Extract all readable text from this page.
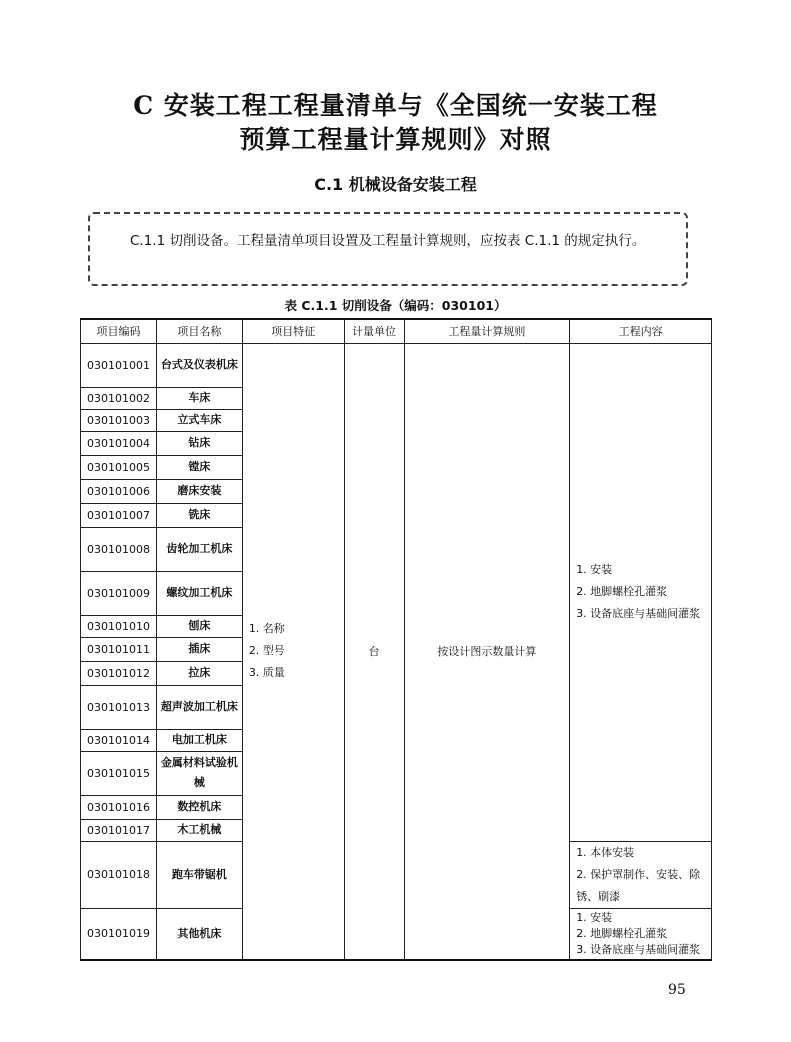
C 安装工程工程量清单与《全国统一安装工程
预算工程量计算规则》对照
C.1 机械设备安装工程
C.1.1 切削设备。工程量清单项目设置及工程量计算规则，应按表 C.1.1 的规定执行。
表 C.1.1 切削设备（编码：030101）
项目编码	项目名称	项目特征	计量单位	工程量计算规则	工程内容
030101001	台式及仪表机床	1. 名称
2. 型号
3. 质量	台	按设计图示数量计算	1. 安装
2. 地脚螺栓孔灌浆
3. 设备底座与基础间灌浆

030101002	车床				
030101003	立式车床				
030101004	钻床				
030101005	镗床				
030101006	磨床安装				
030101007	铣床				
030101008	齿轮加工机床				
030101009	螺纹加工机床				
030101010	刨床				
030101011	插床				
030101012	拉床				
030101013	超声波加工机床				
030101014	电加工机床				
030101015	金属材料试验机械				
030101016	数控机床				
030101017	木工机械				
030101018	跑车带锯机				1. 本体安装
2. 保护罩制作、安装、除锈、刷漆

030101019	其他机床				1. 安装
2. 地脚螺栓孔灌浆
3. 设备底座与基础间灌浆
95
